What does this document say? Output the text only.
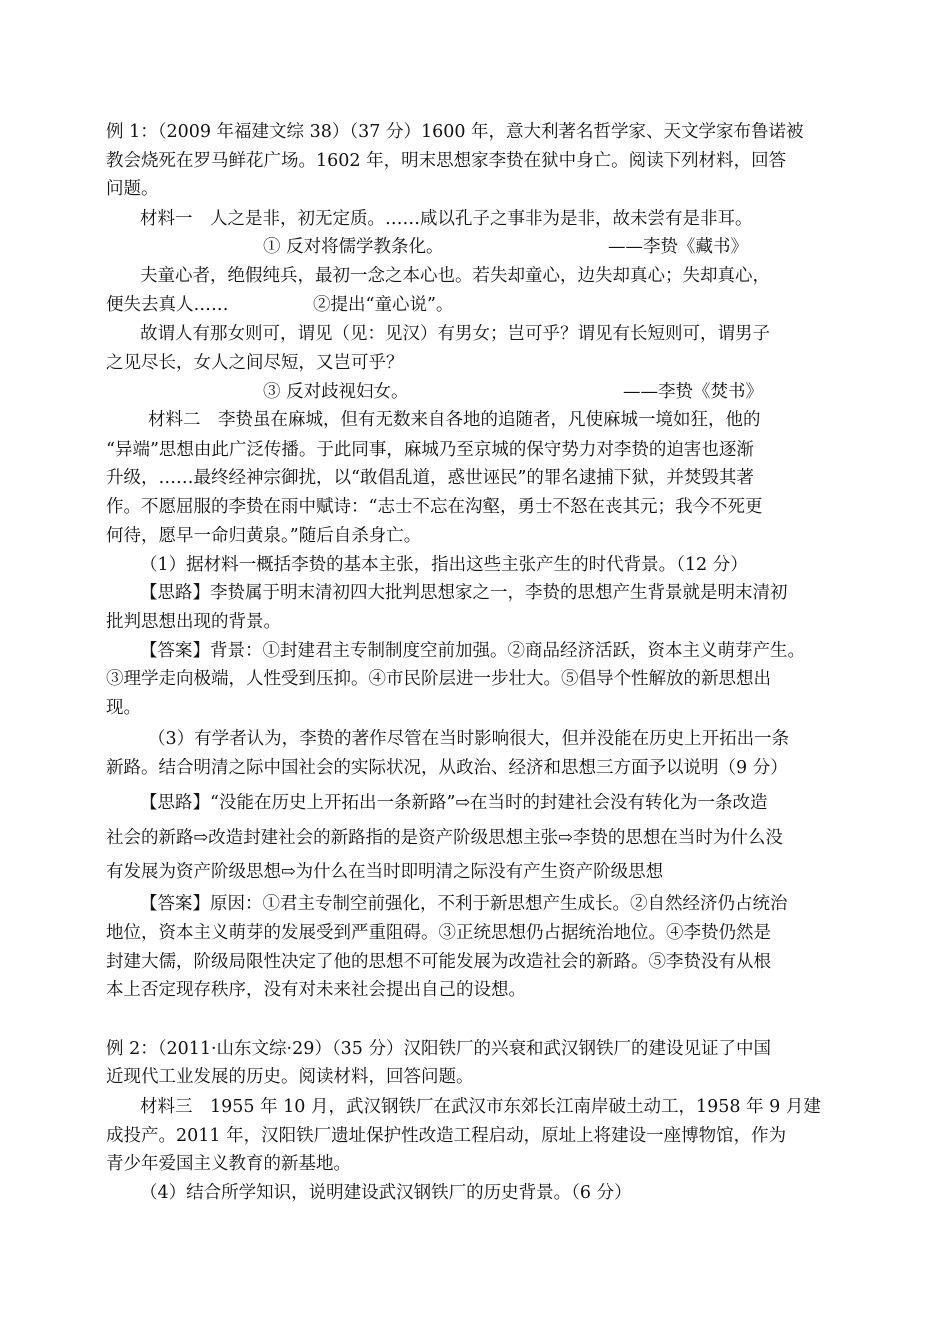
例 1：（2009 年福建文综 38）（37 分）1600 年，意大利著名哲学家、天文学家布鲁诺被

教会烧死在罗马鲜花广场。1602 年，明末思想家李贽在狱中身亡。阅读下列材料，回答

问题。

材料一　人之是非，初无定质。……咸以孔子之事非为是非，故未尝有是非耳。

① 反对将儒学教条化。	——李贽《藏书》

夫童心者，绝假纯兵，最初一念之本心也。若失却童心，边失却真心；失却真心，

便失去真人……	②提出“童心说”。

故谓人有那女则可，谓见（见：见汉）有男女；岂可乎？谓见有长短则可，谓男子

之见尽长，女人之间尽短，又岂可乎？

③ 反对歧视妇女。	——李贽《焚书》

材料二　李贽虽在麻城，但有无数来自各地的追随者，凡使麻城一境如狂，他的

“异端”思想由此广泛传播。于此同事，麻城乃至京城的保守势力对李贽的迫害也逐渐

升级，……最终经神宗御扰，以“敢倡乱道，惑世诬民”的罪名逮捕下狱，并焚毁其著

作。不愿屈服的李贽在雨中赋诗：“志士不忘在沟壑，勇士不怒在丧其元；我今不死更

何待，愿早一命归黄泉。”随后自杀身亡。

（1）据材料一概括李贽的基本主张，指出这些主张产生的时代背景。（12 分）

【思路】李贽属于明末清初四大批判思想家之一，李贽的思想产生背景就是明末清初

批判思想出现的背景。

【答案】背景：①封建君主专制制度空前加强。②商品经济活跃，资本主义萌芽产生。

③理学走向极端，人性受到压抑。④市民阶层进一步壮大。⑤倡导个性解放的新思想出

现。

（3）有学者认为，李贽的著作尽管在当时影响很大，但并没能在历史上开拓出一条

新路。结合明清之际中国社会的实际状况，从政治、经济和思想三方面予以说明（9 分）

【思路】“没能在历史上开拓出一条新路”⇨在当时的封建社会没有转化为一条改造

社会的新路⇨改造封建社会的新路指的是资产阶级思想主张⇨李贽的思想在当时为什么没

有发展为资产阶级思想⇨为什么在当时即明清之际没有产生资产阶级思想

【答案】原因：①君主专制空前强化，不利于新思想产生成长。②自然经济仍占统治

地位，资本主义萌芽的发展受到严重阻碍。③正统思想仍占据统治地位。④李贽仍然是

封建大儒，阶级局限性决定了他的思想不可能发展为改造社会的新路。⑤李贽没有从根

本上否定现存秩序，没有对未来社会提出自己的设想。

例 2：（2011·山东文综·29）（35 分）汉阳铁厂的兴衰和武汉钢铁厂的建设见证了中国

近现代工业发展的历史。阅读材料，回答问题。

材料三　1955 年 10 月，武汉钢铁厂在武汉市东郊长江南岸破土动工，1958 年 9 月建

成投产。2011 年，汉阳铁厂遗址保护性改造工程启动，原址上将建设一座博物馆，作为

青少年爱国主义教育的新基地。

（4）结合所学知识，说明建设武汉钢铁厂的历史背景。（6 分）
